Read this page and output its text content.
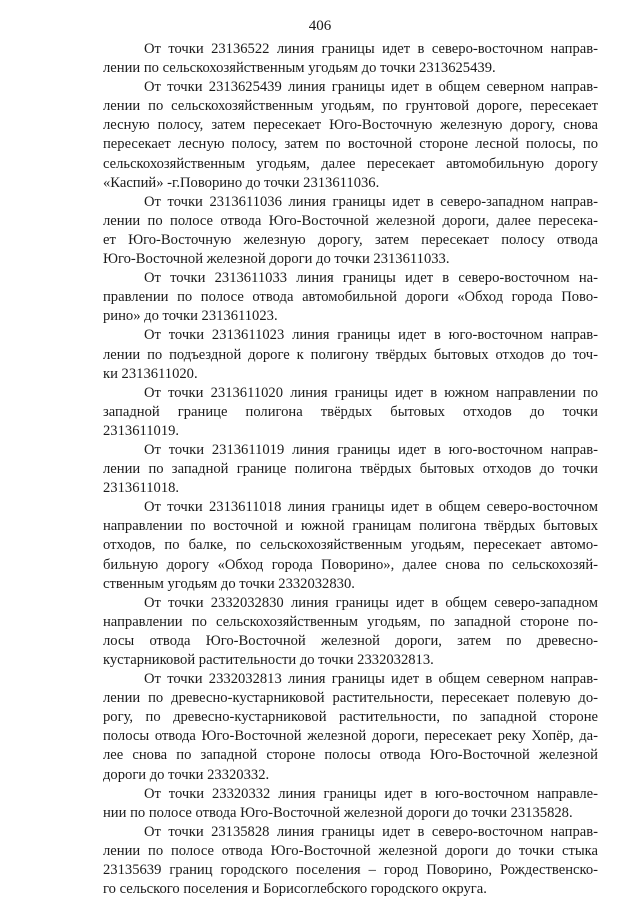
406
От точки 23136522 линия границы идет в северо-восточном направ-
лении по сельскохозяйственным угодьям до точки 2313625439.
От точки 2313625439 линия границы идет в общем северном направ-
лении по сельскохозяйственным угодьям, по грунтовой дороге, пересекает
лесную полосу, затем пересекает Юго-Восточную железную дорогу, снова
пересекает лесную полосу, затем по восточной стороне лесной полосы, по
сельскохозяйственным угодьям, далее пересекает автомобильную дорогу
«Каспий» -г.Поворино до точки 2313611036.
От точки 2313611036 линия границы идет в северо-западном направ-
лении по полосе отвода Юго-Восточной железной дороги, далее пересека-
ет Юго-Восточную железную дорогу, затем пересекает полосу отвода
Юго-Восточной железной дороги до точки 2313611033.
От точки 2313611033 линия границы идет в северо-восточном на-
правлении по полосе отвода автомобильной дороги «Обход города Пово-
рино» до точки 2313611023.
От точки 2313611023 линия границы идет в юго-восточном направ-
лении по подъездной дороге к полигону твёрдых бытовых отходов до точ-
ки 2313611020.
От точки 2313611020 линия границы идет в южном направлении по
западной границе полигона твёрдых бытовых отходов до точки
2313611019.
От точки 2313611019 линия границы идет в юго-восточном направ-
лении по западной границе полигона твёрдых бытовых отходов до точки
2313611018.
От точки 2313611018 линия границы идет в общем северо-восточном
направлении по восточной и южной границам полигона твёрдых бытовых
отходов, по балке, по сельскохозяйственным угодьям, пересекает автомо-
бильную дорогу «Обход города Поворино», далее снова по сельскохозяй-
ственным угодьям до точки 2332032830.
От точки 2332032830 линия границы идет в общем северо-западном
направлении по сельскохозяйственным угодьям, по западной стороне по-
лосы отвода Юго-Восточной железной дороги, затем по древесно-
кустарниковой растительности до точки 2332032813.
От точки 2332032813 линия границы идет в общем северном направ-
лении по древесно-кустарниковой растительности, пересекает полевую до-
рогу, по древесно-кустарниковой растительности, по западной стороне
полосы отвода Юго-Восточной железной дороги, пересекает реку Хопёр, да-
лее снова по западной стороне полосы отвода Юго-Восточной железной
дороги до точки 23320332.
От точки 23320332 линия границы идет в юго-восточном направле-
нии по полосе отвода Юго-Восточной железной дороги до точки 23135828.
От точки 23135828 линия границы идет в северо-восточном направ-
лении по полосе отвода Юго-Восточной железной дороги до точки стыка
23135639 границ городского поселения – город Поворино, Рождественско-
го сельского поселения и Борисоглебского городского округа.
